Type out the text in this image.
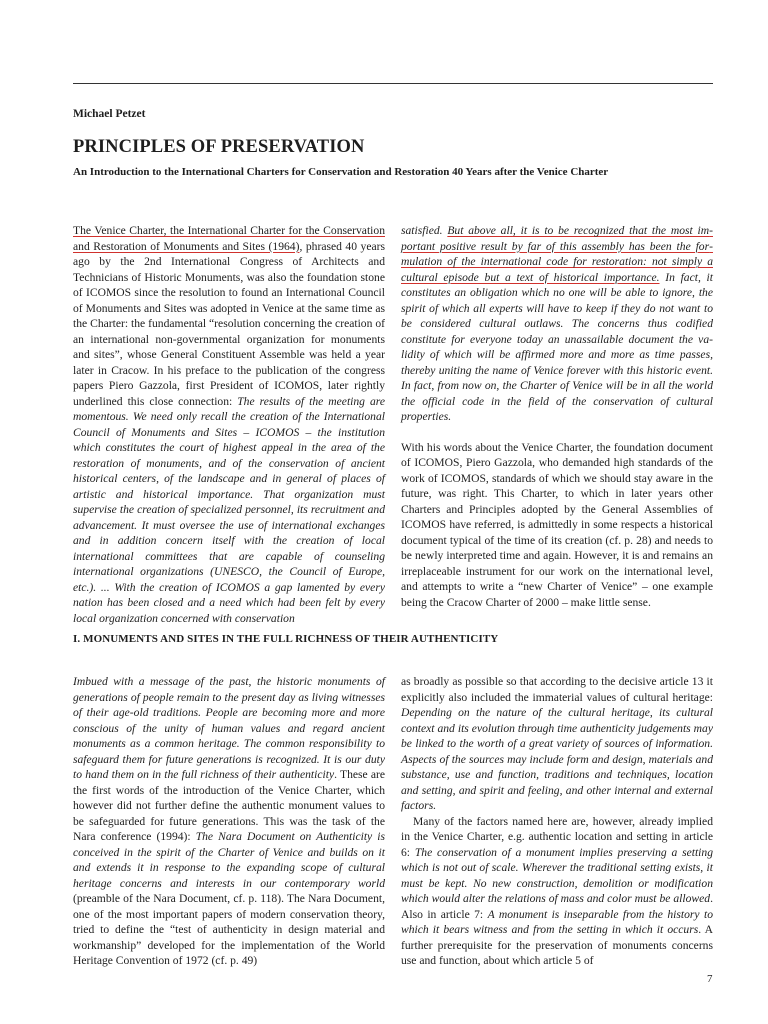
Michael Petzet
PRINCIPLES OF PRESERVATION
An Introduction to the International Charters for Conservation and Restoration 40 Years after the Venice Charter

The Venice Charter, the International Charter for the Conservation and Restoration of Monuments and Sites (1964), phrased 40 years ago by the 2nd International Congress of Architects and Technicians of Historic Monuments, was also the foundation stone of ICOMOS since the resolution to found an International Council of Monuments and Sites was adopted in Venice at the same time as the Charter: the fundamental “resolution concerning the creation of an international non-governmental organization for monuments and sites”, whose General Constituent Assemble was held a year later in Cracow. In his preface to the publication of the congress papers Piero Gazzola, first President of ICOMOS, later rightly underlined this close connection: The results of the meeting are momentous. We need only recall the creation of the International Council of Monuments and Sites – ICOMOS – the institution which constitutes the court of highest appeal in the area of the restoration of monuments, and of the conservation of ancient historical centers, of the landscape and in general of places of artistic and historical importance. That organization must supervise the creation of specialized personnel, its recruitment and advancement. It must oversee the use of international exchanges and in addition concern itself with the creation of local international committees that are capable of counseling international organizations (UNESCO, the Council of Europe, etc.). ... With the creation of ICOMOS a gap lamented by every nation has been closed and a need which had been felt by every local organization concerned with conservation

satisfied. But above all, it is to be recognized that the most important positive result by far of this assembly has been the formulation of the international code for restoration: not simply a cultural episode but a text of historical importance. In fact, it constitutes an obligation which no one will be able to ignore, the spirit of which all experts will have to keep if they do not want to be considered cultural outlaws. The concerns thus codified constitute for everyone today an unassailable document the validity of which will be affirmed more and more as time passes, thereby uniting the name of Venice forever with this historic event. In fact, from now on, the Charter of Venice will be in all the world the official code in the field of the conservation of cultural properties.

With his words about the Venice Charter, the foundation document of ICOMOS, Piero Gazzola, who demanded high standards of the work of ICOMOS, standards of which we should stay aware in the future, was right. This Charter, to which in later years other Charters and Principles adopted by the General Assemblies of ICOMOS have referred, is admittedly in some respects a historical document typical of the time of its creation (cf. p. 28) and needs to be newly interpreted time and again. However, it is and remains an irreplaceable instrument for our work on the international level, and attempts to write a “new Charter of Venice” – one example being the Cracow Charter of 2000 – make little sense.

I. MONUMENTS AND SITES IN THE FULL RICHNESS OF THEIR AUTHENTICITY

Imbued with a message of the past, the historic monuments of generations of people remain to the present day as living witnesses of their age-old traditions. People are becoming more and more conscious of the unity of human values and regard ancient monuments as a common heritage. The common responsibility to safeguard them for future generations is recognized. It is our duty to hand them on in the full richness of their authenticity. These are the first words of the introduction of the Venice Charter, which however did not further define the authentic monument values to be safeguarded for future generations. This was the task of the Nara conference (1994): The Nara Document on Authenticity is conceived in the spirit of the Charter of Venice and builds on it and extends it in response to the expanding scope of cultural heritage concerns and interests in our contemporary world (preamble of the Nara Document, cf. p. 118). The Nara Document, one of the most important papers of modern conservation theory, tried to define the “test of authenticity in design material and workmanship” developed for the implementation of the World Heritage Convention of 1972 (cf. p. 49)

as broadly as possible so that according to the decisive article 13 it explicitly also included the immaterial values of cultural heritage: Depending on the nature of the cultural heritage, its cultural context and its evolution through time authenticity judgements may be linked to the worth of a great variety of sources of information. Aspects of the sources may include form and design, materials and substance, use and function, traditions and techniques, location and setting, and spirit and feeling, and other internal and external factors.

Many of the factors named here are, however, already implied in the Venice Charter, e.g. authentic location and setting in article 6: The conservation of a monument implies preserving a setting which is not out of scale. Wherever the traditional setting exists, it must be kept. No new construction, demolition or modification which would alter the relations of mass and color must be allowed. Also in article 7: A monument is inseparable from the history to which it bears witness and from the setting in which it occurs. A further prerequisite for the preservation of monuments concerns use and function, about which article 5 of

7
